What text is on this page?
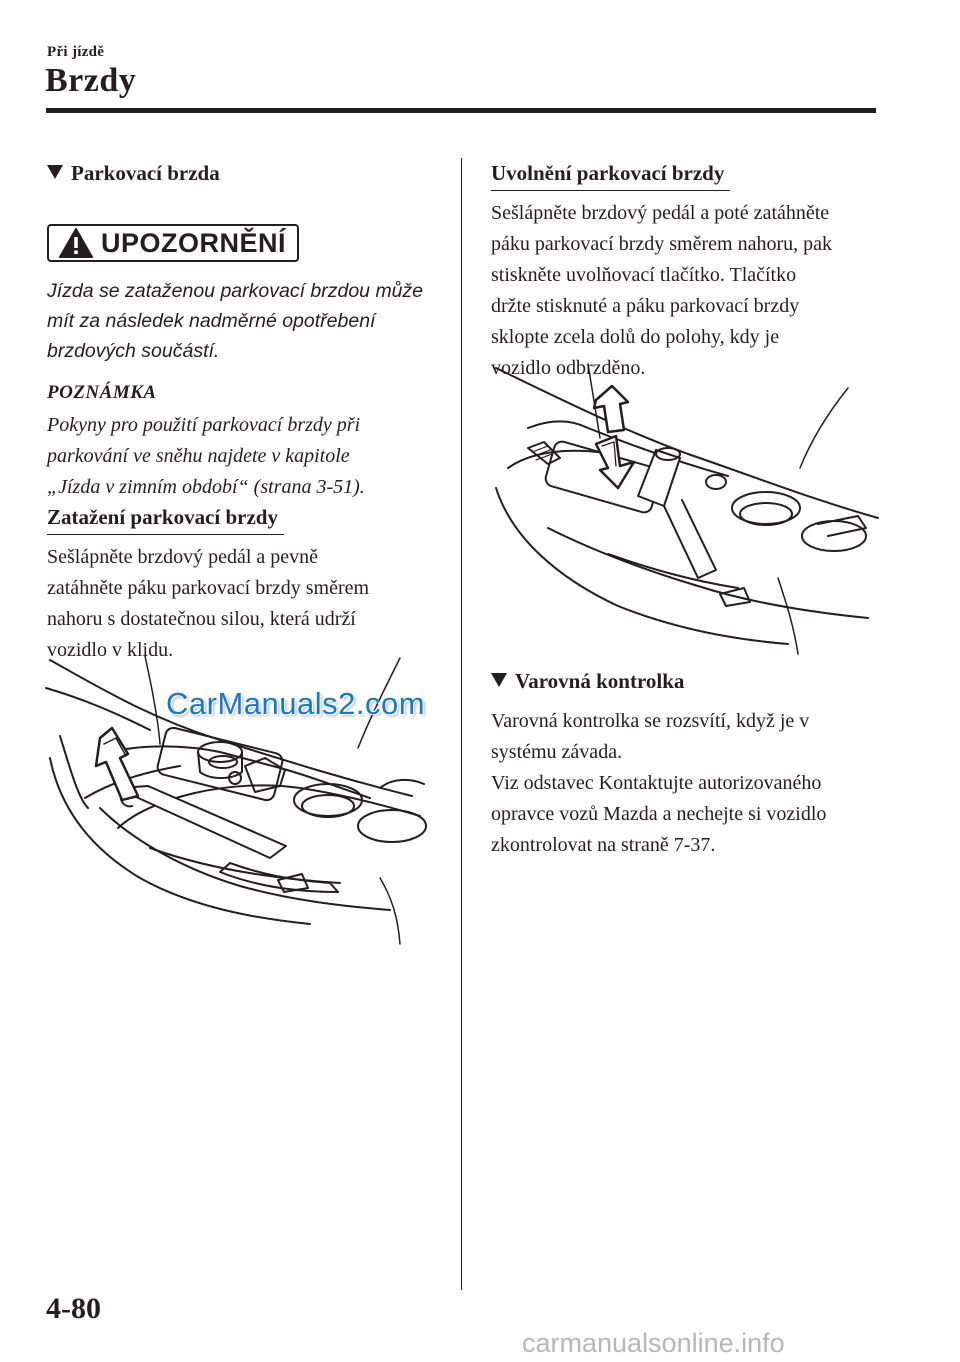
Při jízdě
Brzdy
Parkovací brzda
UPOZORNĚNÍ
Jízda se zataženou parkovací brzdou může
mít za následek nadměrné opotřebení
brzdových součástí.
POZNÁMKA
Pokyny pro použití parkovací brzdy při
parkování ve sněhu najdete v kapitole
„Jízda v zimním období“ (strana 3-51).
Zatažení parkovací brzdy
Sešlápněte brzdový pedál a pevně
zatáhněte páku parkovací brzdy směrem
nahoru s dostatečnou silou, která udrží
vozidlo v klidu.
CarManuals2.com
Uvolnění parkovací brzdy
Sešlápněte brzdový pedál a poté zatáhněte
páku parkovací brzdy směrem nahoru, pak
stiskněte uvolňovací tlačítko. Tlačítko
držte stisknuté a páku parkovací brzdy
sklopte zcela dolů do polohy, kdy je
vozidlo odbrzděno.
Varovná kontrolka
Varovná kontrolka se rozsvítí, když je v
systému závada.
Viz odstavec Kontaktujte autorizovaného
opravce vozů Mazda a nechejte si vozidlo
zkontrolovat na straně 7-37.
4-80
carmanualsonline.info
